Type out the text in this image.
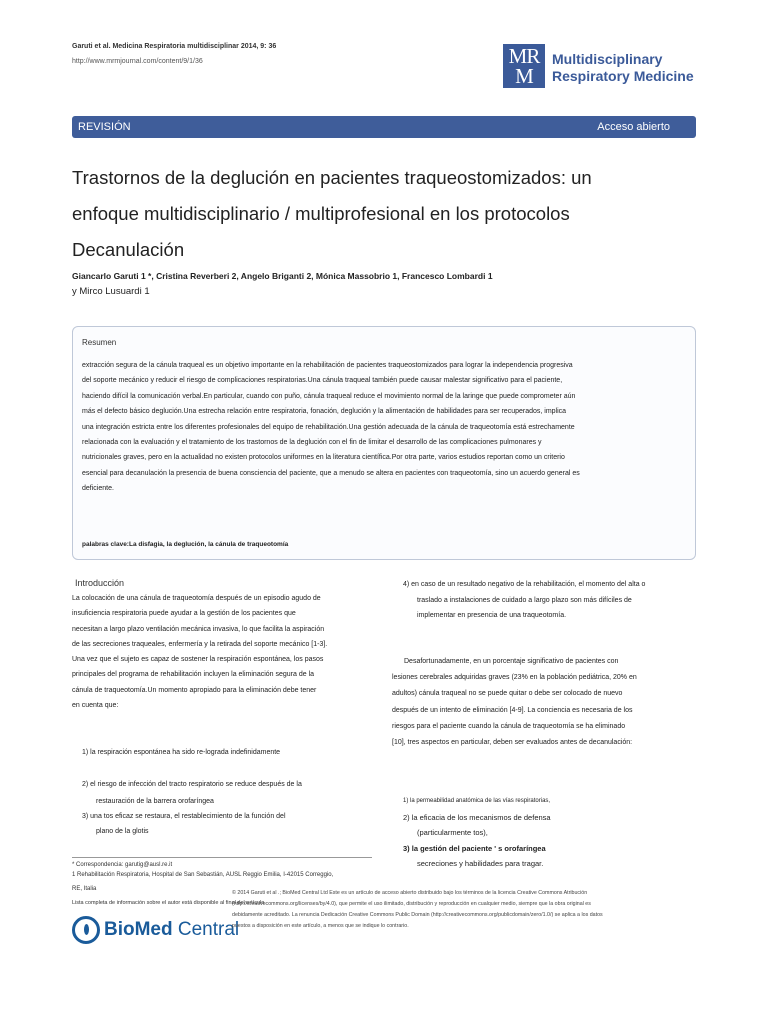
Garuti et al. Medicina Respiratoria multidisciplinar 2014, 9: 36
http://www.mrmjournal.com/content/9/1/36	MR M
Multidisciplinary
Respiratory Medicine
REVISIÓN	Acceso abierto
Trastornos de la deglución en pacientes traqueostomizados: un
enfoque multidisciplinario / multiprofesional en los protocolos
Decanulación
Giancarlo Garuti 1 *, Cristina Reverberi 2, Angelo Briganti 2, Mónica Massobrio 1, Francesco Lombardi 1
y Mirco Lusuardi 1
Resumen
extracción segura de la cánula traqueal es un objetivo importante en la rehabilitación de pacientes traqueostomizados para lograr la independencia progresiva
del soporte mecánico y reducir el riesgo de complicaciones respiratorias.Una cánula traqueal también puede causar malestar significativo para el paciente,
haciendo difícil la comunicación verbal.En particular, cuando con puño, cánula traqueal reduce el movimiento normal de la laringe que puede comprometer aún
más el defecto básico deglución.Una estrecha relación entre respiratoria, fonación, deglución y la alimentación de habilidades para ser recuperados, implica
una integración estricta entre los diferentes profesionales del equipo de rehabilitación.Una gestión adecuada de la cánula de traqueotomía está estrechamente
relacionada con la evaluación y el tratamiento de los trastornos de la deglución con el fin de limitar el desarrollo de las complicaciones pulmonares y
nutricionales graves, pero en la actualidad no existen protocolos uniformes en la literatura científica.Por otra parte, varios estudios reportan como un criterio
esencial para decanulación la presencia de buena consciencia del paciente, que a menudo se altera en pacientes con traqueotomía, sino un acuerdo general es
deficiente.
palabras clave:La disfagia, la deglución, la cánula de traqueotomía
Introducción
La colocación de una cánula de traqueotomía después de un episodio agudo de
insuficiencia respiratoria puede ayudar a la gestión de los pacientes que
necesitan a largo plazo ventilación mecánica invasiva, lo que facilita la aspiración
de las secreciones traqueales, enfermería y la retirada del soporte mecánico [1-3].
Una vez que el sujeto es capaz de sostener la respiración espontánea, los pasos
principales del programa de rehabilitación incluyen la eliminación segura de la
cánula de traqueotomía.Un momento apropiado para la eliminación debe tener
en cuenta que:
1) la respiración espontánea ha sido re-lograda indefinidamente
2) el riesgo de infección del tracto respiratorio se reduce después de la
restauración de la barrera orofaríngea
3) una tos eficaz se restaura, el restablecimiento de la función del
plano de la glotis
4) en caso de un resultado negativo de la rehabilitación, el momento del alta o
traslado a instalaciones de cuidado a largo plazo son más difíciles de
implementar en presencia de una traqueotomía.
Desafortunadamente, en un porcentaje significativo de pacientes con
lesiones cerebrales adquiridas graves (23% en la población pediátrica, 20% en
adultos) cánula traqueal no se puede quitar o debe ser colocado de nuevo
después de un intento de eliminación [4-9]. La conciencia es necesaria de los
riesgos para el paciente cuando la cánula de traqueotomía se ha eliminado
[10], tres aspectos en particular, deben ser evaluados antes de decanulación:
1) la permeabilidad anatómica de las vías respiratorias,
2) la eficacia de los mecanismos de defensa
(particularmente tos),
3) la gestión del paciente ' s orofaríngea
secreciones y habilidades para tragar.
* Correspondencia: garutig@ausl.re.it
1 Rehabilitación Respiratoria, Hospital de San Sebastián, AUSL Reggio Emilia, I-42015 Correggio,
RE, Italia
Lista completa de información sobre el autor está disponible al final del artículo
BioMed Central
© 2014 Garuti et al .; BioMed Central Ltd Este es un artículo de acceso abierto distribuido bajo los términos de la licencia Creative Commons Atribución
(http://creativecommons.org/licenses/by/4.0), que permite el uso ilimitado, distribución y reproducción en cualquier medio, siempre que la obra original es
debidamente acreditado. La renuncia Dedicación Creative Commons Public Domain (http://creativecommons.org/publicdomain/zero/1.0/) se aplica a los datos
puestos a disposición en este artículo, a menos que se indique lo contrario.
